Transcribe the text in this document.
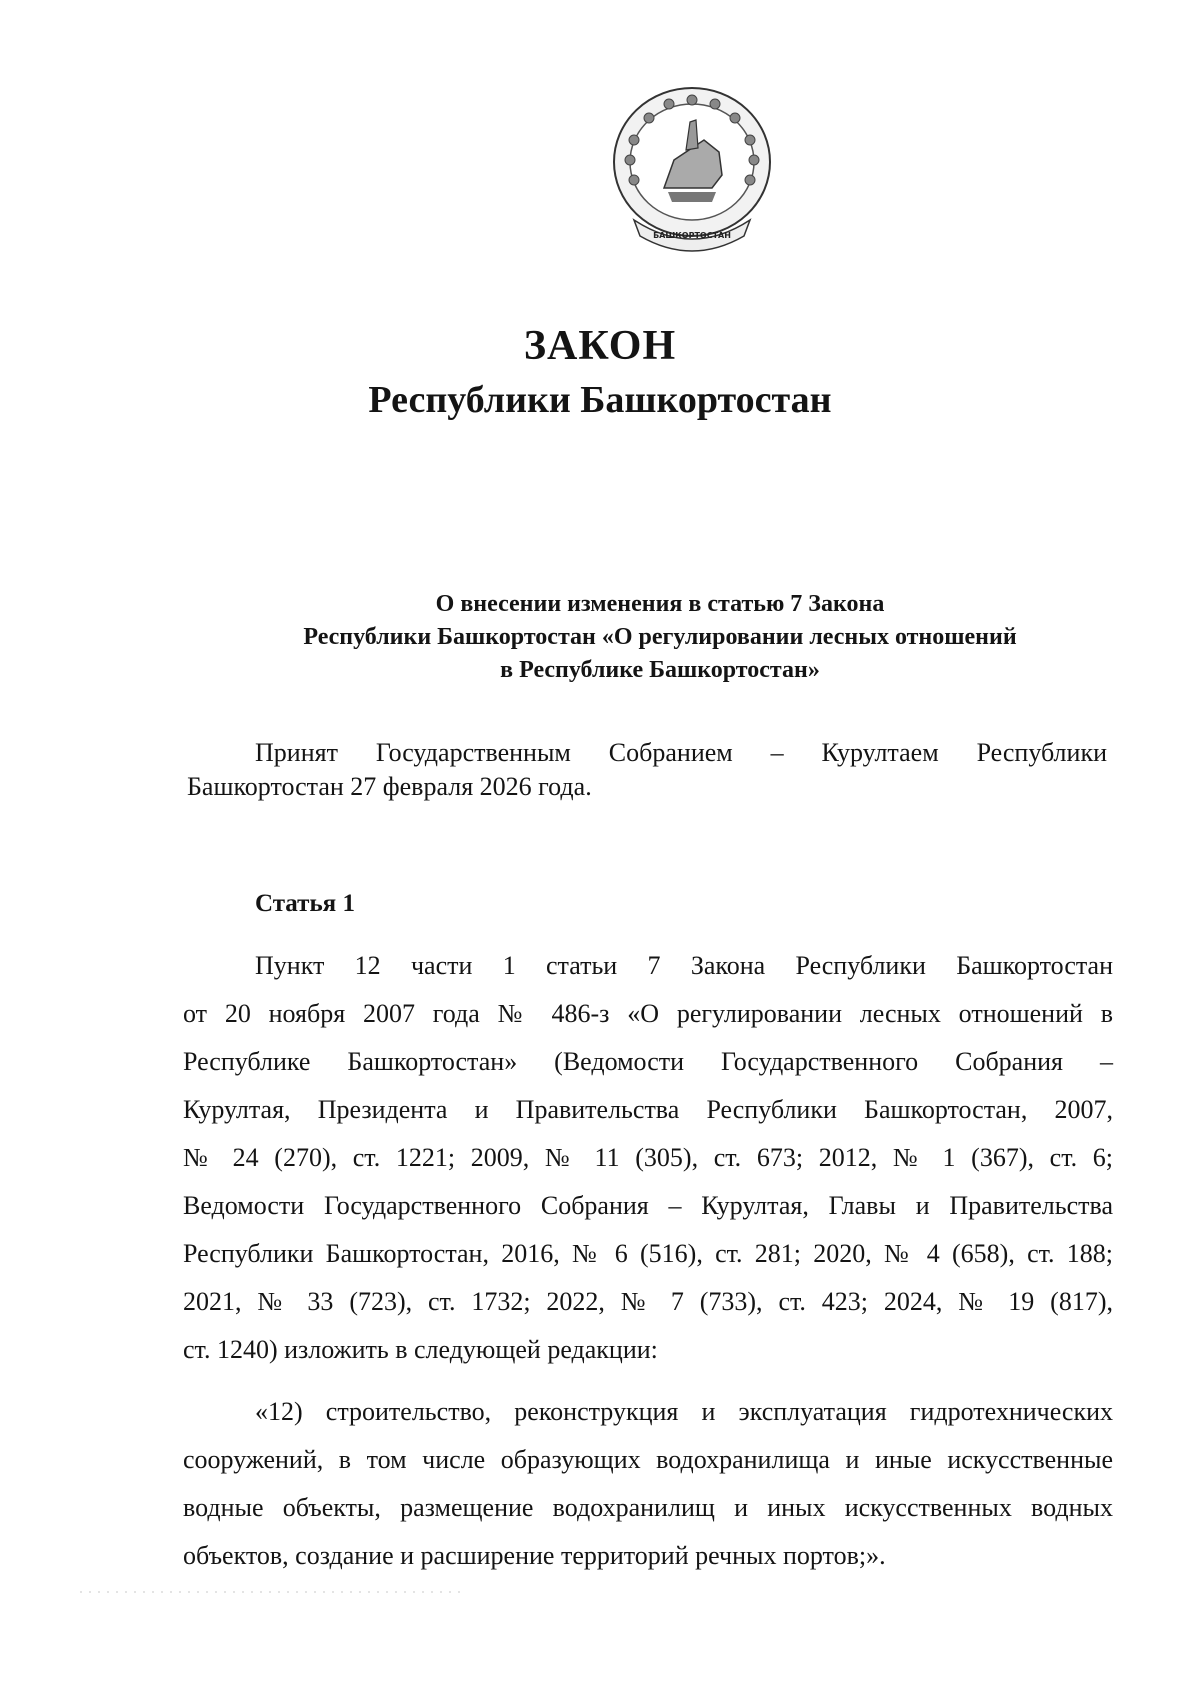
БАШКОРТОСТАН
ЗАКОН
Республики Башкортостан
О внесении изменения в статью 7 Закона
Республики Башкортостан «О регулировании лесных отношений
в Республике Башкортостан»
Принят Государственным Собранием – Курултаем Республики
Башкортостан 27 февраля 2026 года.
Статья 1
Пункт 12 части 1 статьи 7 Закона Республики Башкортостан
от 20 ноября 2007 года № 486-з «О регулировании лесных отношений в
Республике Башкортостан» (Ведомости Государственного Собрания –
Курултая, Президента и Правительства Республики Башкортостан, 2007,
№ 24 (270), ст. 1221; 2009, № 11 (305), ст. 673; 2012, № 1 (367), ст. 6;
Ведомости Государственного Собрания – Курултая, Главы и Правительства
Республики Башкортостан, 2016, № 6 (516), ст. 281; 2020, № 4 (658), ст. 188;
2021, № 33 (723), ст. 1732; 2022, № 7 (733), ст. 423; 2024, № 19 (817),
ст. 1240) изложить в следующей редакции:
«12) строительство, реконструкция и эксплуатация гидротехнических
сооружений, в том числе образующих водохранилища и иные искусственные
водные объекты, размещение водохранилищ и иных искусственных водных
объектов, создание и расширение территорий речных портов;».
